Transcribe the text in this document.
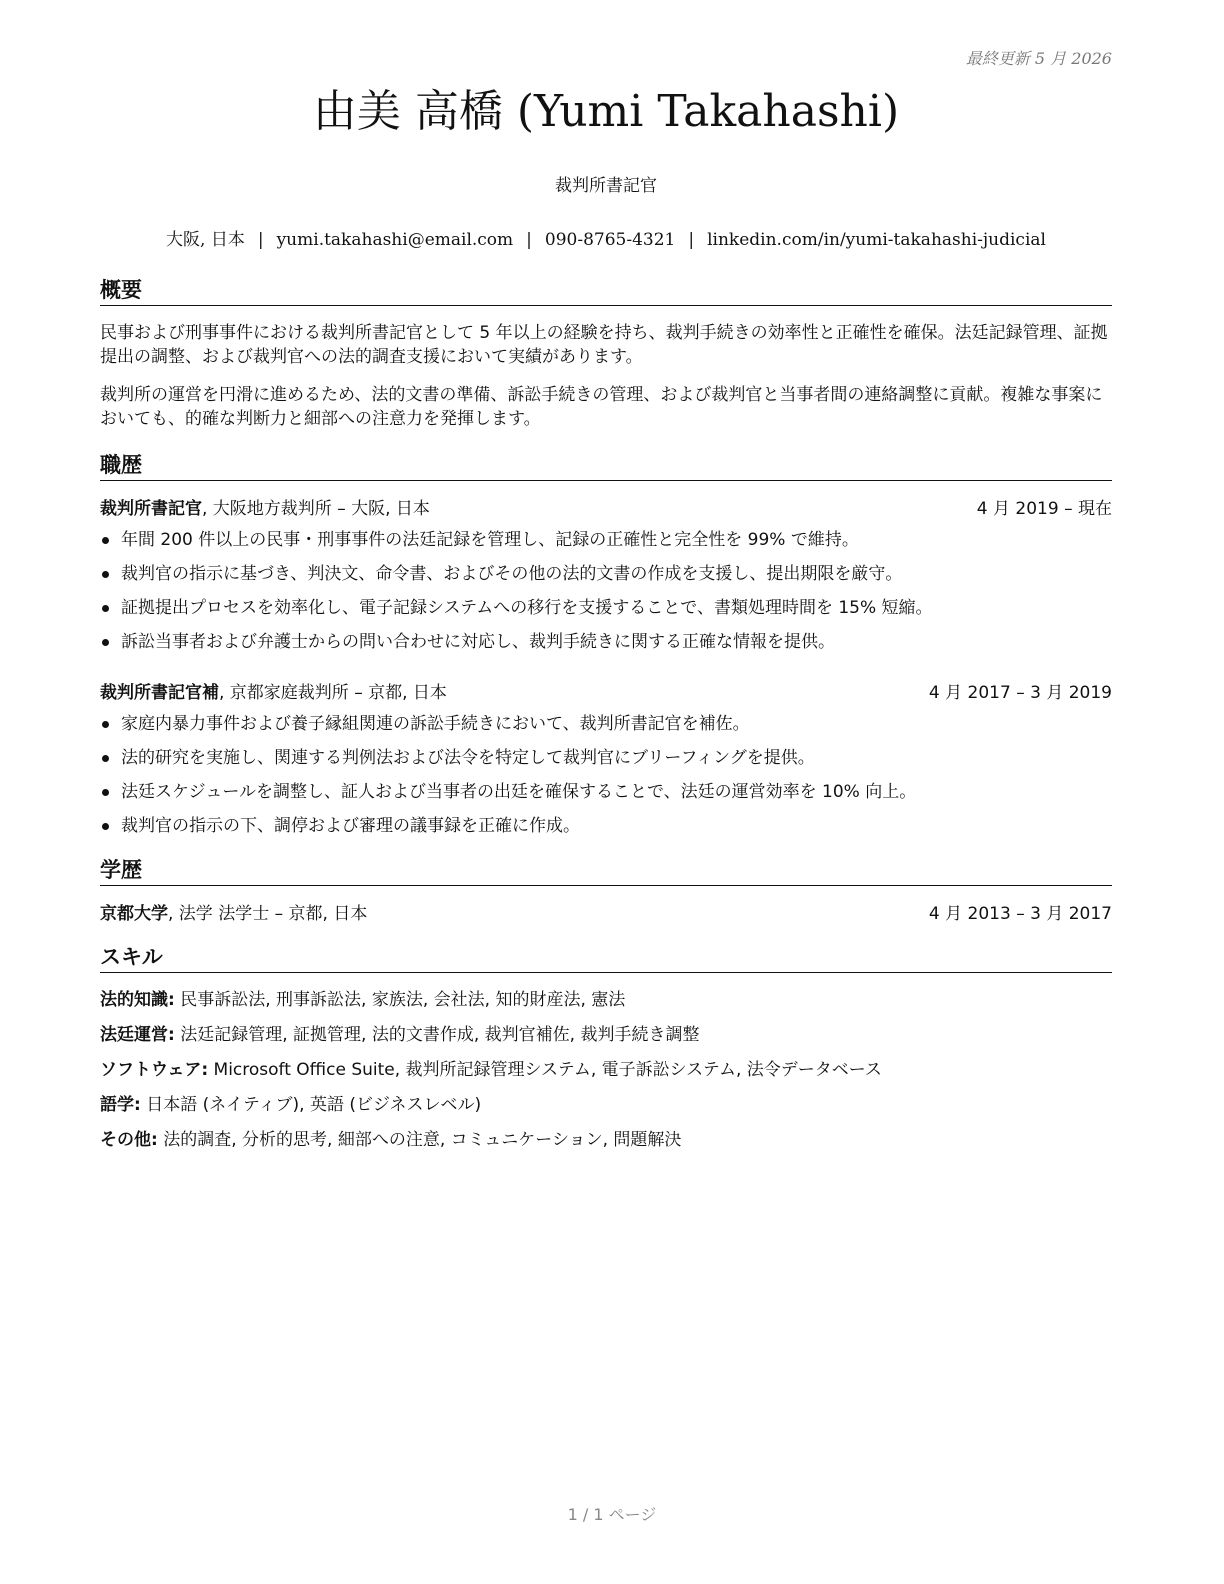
最終更新 5 月 2026
由美 高橋 (Yumi Takahashi)
裁判所書記官
大阪, 日本 | yumi.takahashi@email.com | 090-8765-4321 | linkedin.com/in/yumi-takahashi-judicial
概要
民事および刑事事件における裁判所書記官として 5 年以上の経験を持ち、裁判手続きの効率性と正確性を確保。法廷記録管理、証拠提出の調整、および裁判官への法的調査支援において実績があります。
裁判所の運営を円滑に進めるため、法的文書の準備、訴訟手続きの管理、および裁判官と当事者間の連絡調整に貢献。複雑な事案においても、的確な判断力と細部への注意力を発揮します。
職歴
裁判所書記官, 大阪地方裁判所 – 大阪, 日本	4 月 2019 – 現在
年間 200 件以上の民事・刑事事件の法廷記録を管理し、記録の正確性と完全性を 99% で維持。
裁判官の指示に基づき、判決文、命令書、およびその他の法的文書の作成を支援し、提出期限を厳守。
証拠提出プロセスを効率化し、電子記録システムへの移行を支援することで、書類処理時間を 15% 短縮。
訴訟当事者および弁護士からの問い合わせに対応し、裁判手続きに関する正確な情報を提供。
裁判所書記官補, 京都家庭裁判所 – 京都, 日本	4 月 2017 – 3 月 2019
家庭内暴力事件および養子縁組関連の訴訟手続きにおいて、裁判所書記官を補佐。
法的研究を実施し、関連する判例法および法令を特定して裁判官にブリーフィングを提供。
法廷スケジュールを調整し、証人および当事者の出廷を確保することで、法廷の運営効率を 10% 向上。
裁判官の指示の下、調停および審理の議事録を正確に作成。
学歴
京都大学, 法学 法学士 – 京都, 日本	4 月 2013 – 3 月 2017
スキル
法的知識: 民事訴訟法, 刑事訴訟法, 家族法, 会社法, 知的財産法, 憲法
法廷運営: 法廷記録管理, 証拠管理, 法的文書作成, 裁判官補佐, 裁判手続き調整
ソフトウェア: Microsoft Office Suite, 裁判所記録管理システム, 電子訴訟システム, 法令データベース
語学: 日本語 (ネイティブ), 英語 (ビジネスレベル)
その他: 法的調査, 分析的思考, 細部への注意, コミュニケーション, 問題解決
1 / 1 ページ
